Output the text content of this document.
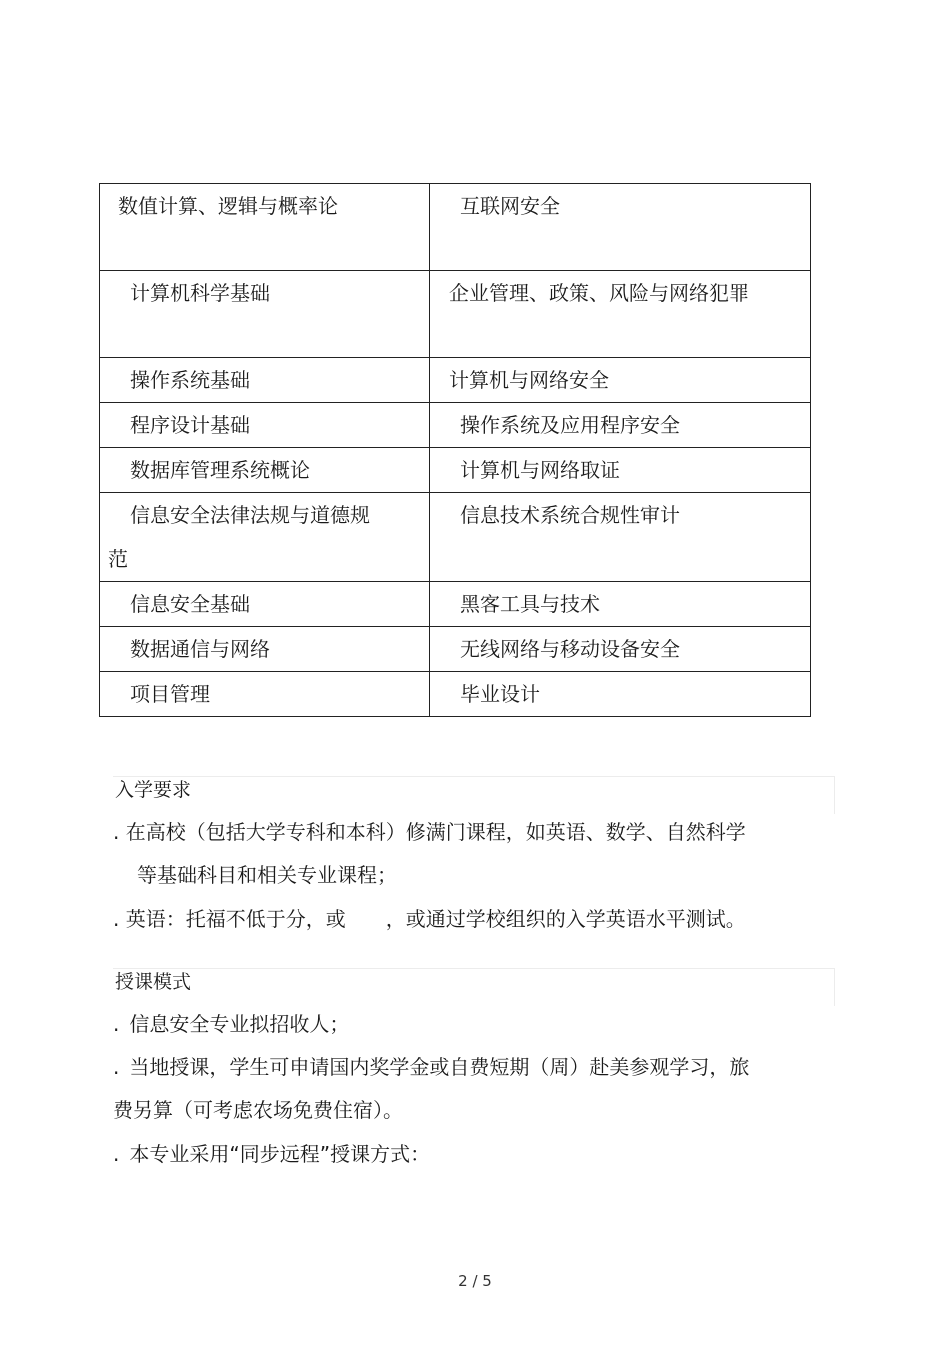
数值计算、逻辑与概率论	互联网安全

计算机科学基础	企业管理、政策、风险与网络犯罪

操作系统基础	计算机与网络安全

程序设计基础	操作系统及应用程序安全

数据库管理系统概论	计算机与网络取证

信息安全法律法规与道德规
范	信息技术系统合规性审计

信息安全基础	黑客工具与技术

数据通信与网络	无线网络与移动设备安全

项目管理	毕业设计
入学要求
. 在高校（包括大学专科和本科）修满门课程，如英语、数学、自然科学
等基础科目和相关专业课程；
. 英语：托福不低于分，或　　，或通过学校组织的入学英语水平测试。
授课模式
. 信息安全专业拟招收人；
. 当地授课，学生可申请国内奖学金或自费短期（周）赴美参观学习，旅
费另算（可考虑农场免费住宿）。
. 本专业采用“同步远程”授课方式：
2 / 5
